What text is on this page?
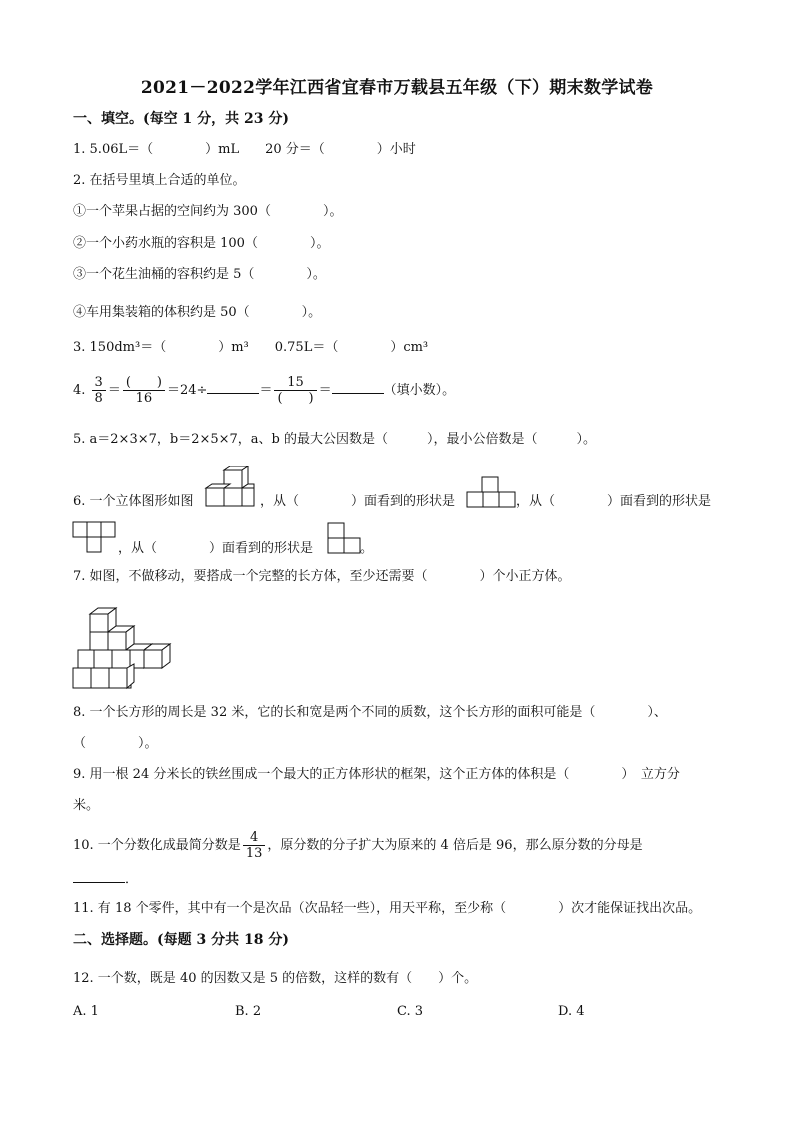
2021－2022学年江西省宜春市万载县五年级（下）期末数学试卷
一、填空。(每空 1 分，共 23 分)
1. 5.06L＝（　　　　）mL 20 分＝（　　　　）小时
2. 在括号里填上合适的单位。
①一个苹果占据的空间约为 300（　　　　）。
②一个小药水瓶的容积是 100（　　　　）。
③一个花生油桶的容积约是 5（　　　　）。
④车用集装箱的体积约是 50（　　　　）。
3. 150dm³＝（　　　　）m³ 0.75L＝（　　　　）cm³
4. $\frac{3}{8} = \frac{( )}{16} =24\div$	＝ $\frac{15}{( )}$ ＝	（填小数）。
5. a＝2×3×7，b＝2×5×7，a、b 的最大公因数是（　　　），最小公倍数是（　　　）。
6. 一个立体图形如图	，从（　　　　）面看到的形状是	，从（　　　　）面看到的形状是
，从（　　　　）面看到的形状是	。
7. 如图，不做移动，要搭成一个完整的长方体，至少还需要（　　　　）个小正方体。
8. 一个长方形的周长是 32 米，它的长和宽是两个不同的质数，这个长方形的面积可能是（　　　　）、
（　　　　）。
9. 用一根 24 分米长的铁丝围成一个最大的正方体形状的框架，这个正方体的体积是（　　　　）　立方分
米。
10. 一个分数化成最简分数是 $\frac{4}{13}$ ，原分数的分子扩大为原来的 4 倍后是 96，那么原分数的分母是
．
11. 有 18 个零件，其中有一个是次品（次品轻一些），用天平称，至少称（　　　　）次才能保证找出次品。
二、选择题。(每题 3 分共 18 分)
12. 一个数，既是 40 的因数又是 5 的倍数，这样的数有（　　）个。
A. 1	B. 2	C. 3	D. 4
